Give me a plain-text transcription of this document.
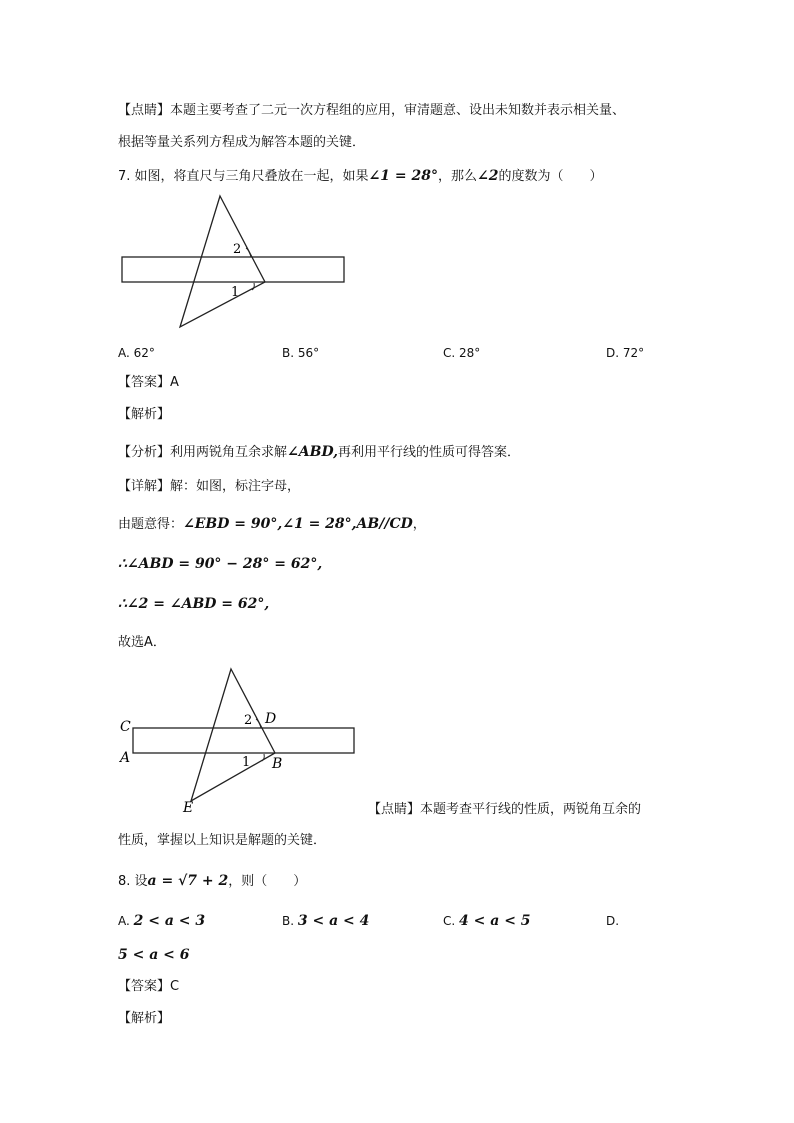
【点睛】本题主要考查了二元一次方程组的应用，审清题意、设出未知数并表示相关量、
根据等量关系列方程成为解答本题的关键．
7. 如图，将直尺与三角尺叠放在一起，如果∠1 = 28°，那么∠2的度数为（　　）
1
2
A. 62°	B. 56°	C. 28°	D. 72°
【答案】A
【解析】
【分析】利用两锐角互余求解∠ABD,再利用平行线的性质可得答案．
【详解】解：如图，标注字母，
由题意得：∠EBD = 90°,∠1 = 28°,AB//CD，
∴∠ABD = 90° − 28° = 62°,
∴∠2 = ∠ABD = 62°,
故选A．
C
A
D
B
E
1
2
【点睛】本题考查平行线的性质，两锐角互余的
性质，掌握以上知识是解题的关键．
8. 设a = √7 + 2，则（　　）
A. 2 < a < 3	B. 3 < a < 4	C. 4 < a < 5	D.
5 < a < 6
【答案】C
【解析】
